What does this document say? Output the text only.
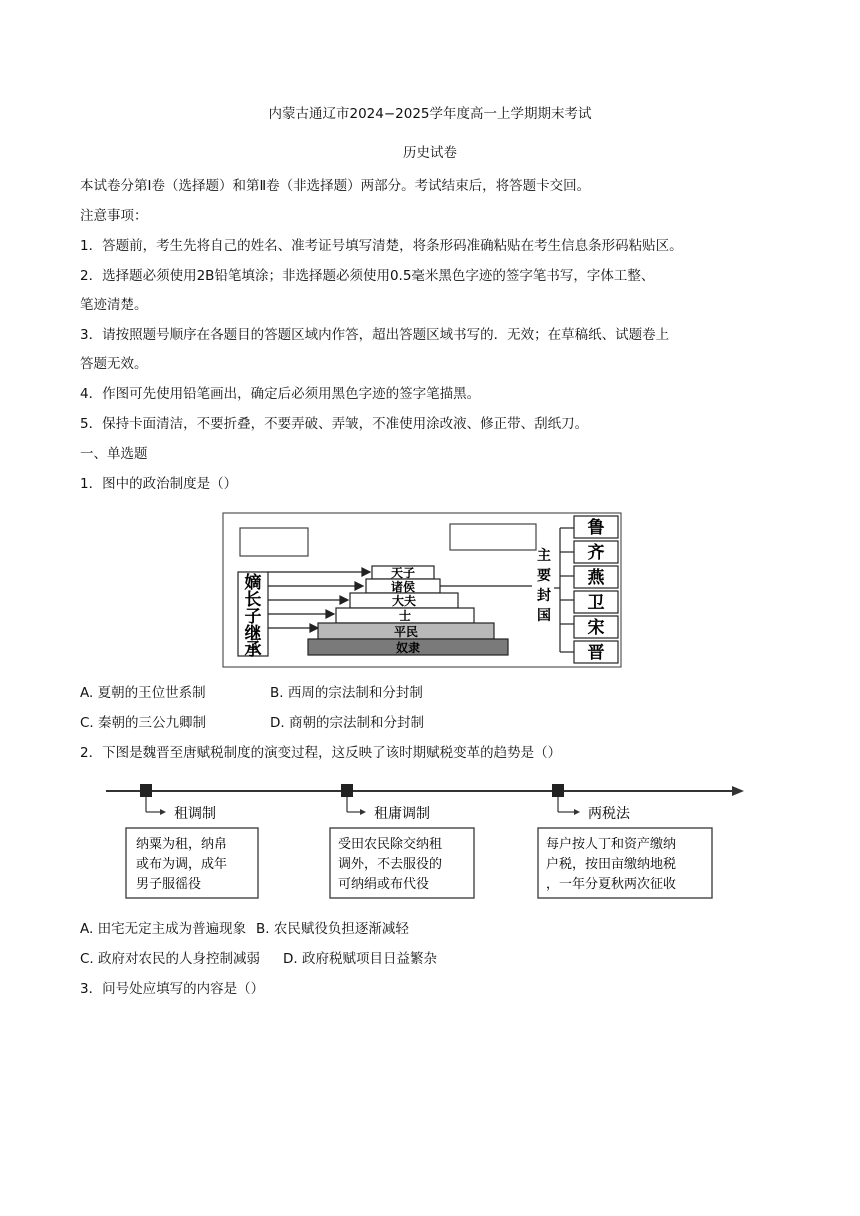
内蒙古通辽市2024−2025学年度高一上学期期末考试
历史试卷
本试卷分第Ⅰ卷（选择题）和第Ⅱ卷（非选择题）两部分。考试结束后，将答题卡交回。
注意事项：
1．答题前，考生先将自己的姓名、准考证号填写清楚，将条形码准确粘贴在考生信息条形码粘贴区。
2．选择题必须使用2B铅笔填涂；非选择题必须使用0.5毫米黑色字迹的签字笔书写，字体工整、
笔迹清楚。
3．请按照题号顺序在各题目的答题区域内作答，超出答题区域书写的．无效；在草稿纸、试题卷上
答题无效。
4．作图可先使用铅笔画出，确定后必须用黑色字迹的签字笔描黑。
5．保持卡面清洁，不要折叠，不要弄破、弄皱，不准使用涂改液、修正带、刮纸刀。
一、单选题
1．图中的政治制度是（）
嫡
长
子
继
承
天子
诸侯
大夫
士
平民
奴隶
主
要
封
国
鲁
齐
燕
卫
宋
晋
A. 夏朝的王位世系制	B. 西周的宗法制和分封制
C. 秦朝的三公九卿制	D. 商朝的宗法制和分封制
2．下图是魏晋至唐赋税制度的演变过程，这反映了该时期赋税变革的趋势是（）
租调制
纳粟为租，纳帛
或布为调，成年
男子服徭役
租庸调制
受田农民除交纳租
调外，不去服役的
可纳绢或布代役
两税法
每户按人丁和资产缴纳
户税，按田亩缴纳地税
，一年分夏秋两次征收
A. 田宅无定主成为普遍现象 B. 农民赋役负担逐渐减轻
C. 政府对农民的人身控制减弱 D. 政府税赋项目日益繁杂
3．问号处应填写的内容是（）
